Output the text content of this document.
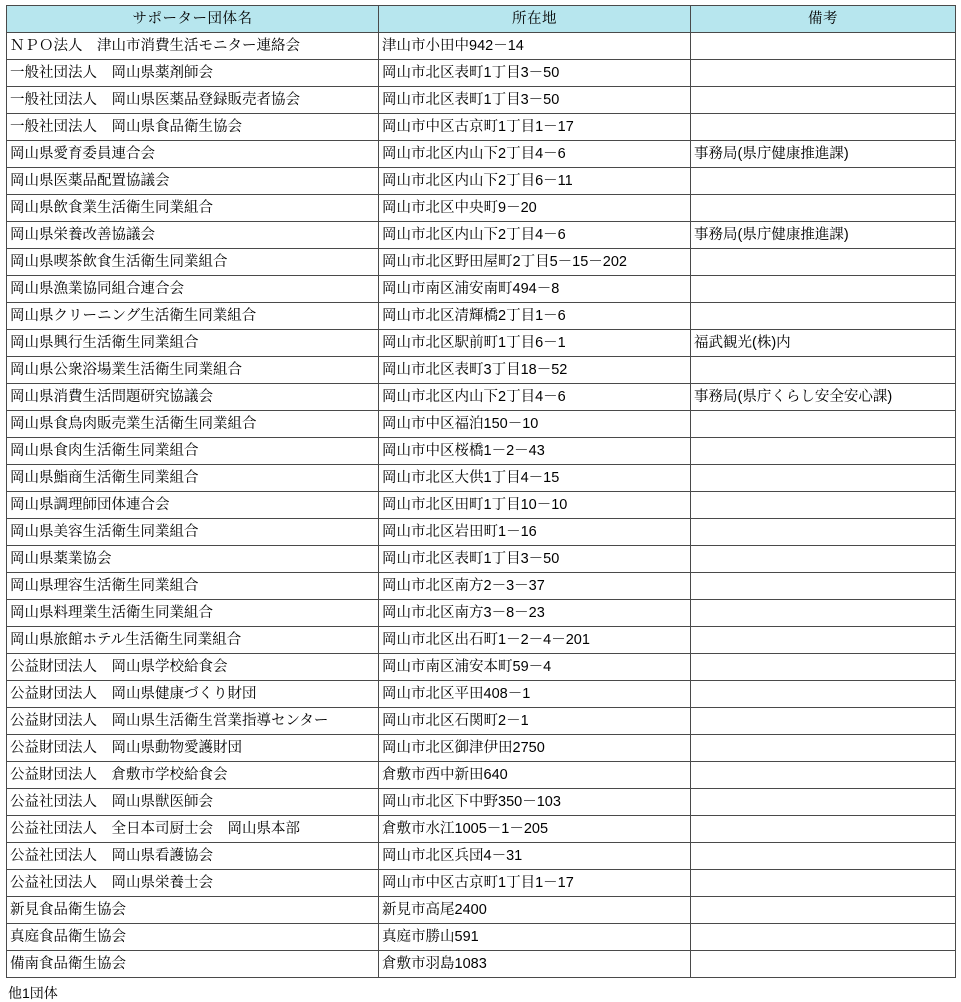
サポーター団体名	所在地	備考
ＮＰＯ法人　津山市消費生活モニター連絡会	津山市小田中942－14	
一般社団法人　岡山県薬剤師会	岡山市北区表町1丁目3－50	
一般社団法人　岡山県医薬品登録販売者協会	岡山市北区表町1丁目3－50	
一般社団法人　岡山県食品衛生協会	岡山市中区古京町1丁目1－17	
岡山県愛育委員連合会	岡山市北区内山下2丁目4－6	事務局(県庁健康推進課)
岡山県医薬品配置協議会	岡山市北区内山下2丁目6－11	
岡山県飲食業生活衛生同業組合	岡山市北区中央町9－20	
岡山県栄養改善協議会	岡山市北区内山下2丁目4－6	事務局(県庁健康推進課)
岡山県喫茶飲食生活衛生同業組合	岡山市北区野田屋町2丁目5－15－202	
岡山県漁業協同組合連合会	岡山市南区浦安南町494－8	
岡山県クリーニング生活衛生同業組合	岡山市北区清輝橋2丁目1－6	
岡山県興行生活衛生同業組合	岡山市北区駅前町1丁目6－1	福武観光(株)内
岡山県公衆浴場業生活衛生同業組合	岡山市北区表町3丁目18－52	
岡山県消費生活問題研究協議会	岡山市北区内山下2丁目4－6	事務局(県庁くらし安全安心課)
岡山県食鳥肉販売業生活衛生同業組合	岡山市中区福泊150－10	
岡山県食肉生活衛生同業組合	岡山市中区桜橋1－2－43	
岡山県鮨商生活衛生同業組合	岡山市北区大供1丁目4－15	
岡山県調理師団体連合会	岡山市北区田町1丁目10－10	
岡山県美容生活衛生同業組合	岡山市北区岩田町1－16	
岡山県薬業協会	岡山市北区表町1丁目3－50	
岡山県理容生活衛生同業組合	岡山市北区南方2－3－37	
岡山県料理業生活衛生同業組合	岡山市北区南方3－8－23	
岡山県旅館ホテル生活衛生同業組合	岡山市北区出石町1－2－4－201	
公益財団法人　岡山県学校給食会	岡山市南区浦安本町59－4	
公益財団法人　岡山県健康づくり財団	岡山市北区平田408－1	
公益財団法人　岡山県生活衛生営業指導センター	岡山市北区石関町2－1	
公益財団法人　岡山県動物愛護財団	岡山市北区御津伊田2750	
公益財団法人　倉敷市学校給食会	倉敷市西中新田640	
公益社団法人　岡山県獣医師会	岡山市北区下中野350－103	
公益社団法人　全日本司厨士会　岡山県本部	倉敷市水江1005－1－205	
公益社団法人　岡山県看護協会	岡山市北区兵団4－31	
公益社団法人　岡山県栄養士会	岡山市中区古京町1丁目1－17	
新見食品衛生協会	新見市高尾2400	
真庭食品衛生協会	真庭市勝山591	
備南食品衛生協会	倉敷市羽島1083	
他1団体
